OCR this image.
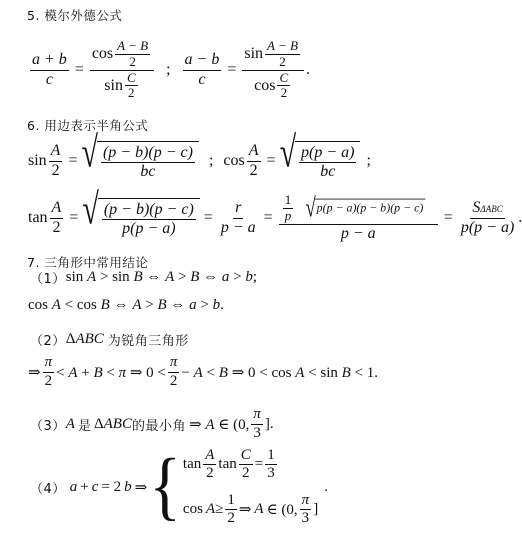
5. 模尔外德公式
$\frac{a + b}{c} = \frac{\cos \frac{A - B}{2}}{\sin \frac{C}{2}}$ ; $\frac{a - b}{c} = \frac{\sin \frac{A - B}{2}}{\cos \frac{C}{2}}$ .
6. 用边表示半角公式
$\sin \frac{A}{2}$ = √ $\frac{(p - b)(p - c)}{bc}$ ; $\cos \frac{A}{2}$ = √ $\frac{p(p - a)}{bc}$ ;
$\tan \frac{A}{2}$ = √ $\frac{(p - b)(p - c)}{p(p - a)} = \frac{r}{p - a} = \frac{\frac{1}{p} √ p(p - a)(p - b)(p - c)}{p - a} = \frac{\text{SΔABC}}{p(p - a)}$ .
7. 三角形中常用结论
（1） sin A > sin B ⇔ A > B ⇔ a > b;
cos A < cos B ⇔ A > B ⇔ a > b.
（2） ΔABC 为锐角三角形
⇒ $\frac{\pi}{2} < A + B < \pi$ ⇒ $0 < \frac{\pi}{2} - A < B$ ⇒ 0 < cos A < sin B < 1.
（3） A 是 ΔABC 的最小角 ⇒ A ∈ (0, $\frac{\pi}{3}$ ].
（4） a + c = 2 b ⇒ { $\tan \frac{A}{2}$ $\tan \frac{C}{2} = \frac{1}{3}$
$\cos A \ge \frac{1}{2}$ ⇒ A ∈ (0, $\frac{\pi}{3}$ ]
.
